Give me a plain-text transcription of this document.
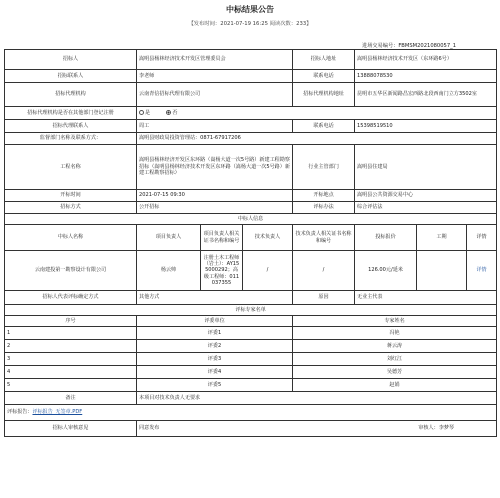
中标结果公告
【发布时间：2021-07-19 16:25 阅读次数：233】
进场交易编号：FBMSM2021080057_1
招标人	嵩明县杨林经济技术开发区管理委员会			招标人地址	嵩明县杨林经济技术开发区（东环路6号）		
招标联系人	李老师			联系电话	13888078530		
招标代理机构	云南青信招标代理有限公司			招标代理机构地址	昆明市五华区新闻路昌宏西路北段西南门立方3502室		
招标代理机构是否在其他部门登记注册	是 否						
招标代理联系人	周工			联系电话	15398519510		
监督部门名称及联系方式：	嵩明县财政局投资管理站：0871-67917206						
工程名称	嵩明县杨林经济开发区东环路（嵩杨大道一次5号路）新建工程勘察招标（嵩明县杨林经济技术开发区东环路（嵩杨大道一次5号路）新建工程勘察招标）			行业主管部门	嵩明县住建局		
开标时间	2021-07-15 09:30			开标地点	嵩明县公共资源交易中心		
招标方式	公开招标			评标办法	综合评估法		
中标人信息							
中标人名称	项目负责人	项目负责人相关证书名称和编号	技术负责人	技术负责人相关证书名称和编号	投标报价	工期	详情
云南建投第一勘察设计有限公司	杨云帅	注册土木工程师（岩土）：AY155000292；高级工程师：011037355	/	/	126.00元/延米		详情
招标人代表评标确定方式	其他方式			原因	无业主代表		
评标专家名单							
序号	评委单位			专家姓名			
1	评委1			冯艳			
2	评委2			蒋云涛			
3	评委3			刘红江			
4	评委4			吴德芳			
5	评委5			赵娟			
备注	本项目对技术负责人无要求						
评标报告：评标报告_无签章.PDF							
招标人审核意见	同意发布 审核人：李梦琴						
